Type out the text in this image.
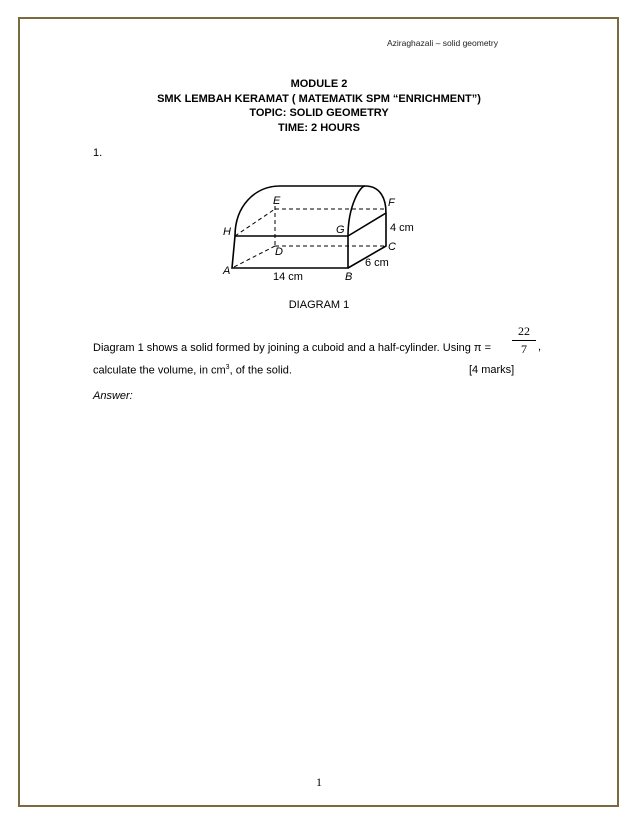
Aziraghazali – solid geometry
MODULE 2
SMK LEMBAH KERAMAT ( MATEMATIK SPM “ENRICHMENT”)
TOPIC: SOLID GEOMETRY
TIME: 2 HOURS
1.
E	F
H	G
D	C
A	B
4 cm
6 cm
14 cm
DIAGRAM 1
Diagram 1 shows a solid formed by joining a cuboid and a half-cylinder. Using π =
22
7	,
calculate the volume, in $cm^3$, of the solid.	[4 marks]
Answer:
1
